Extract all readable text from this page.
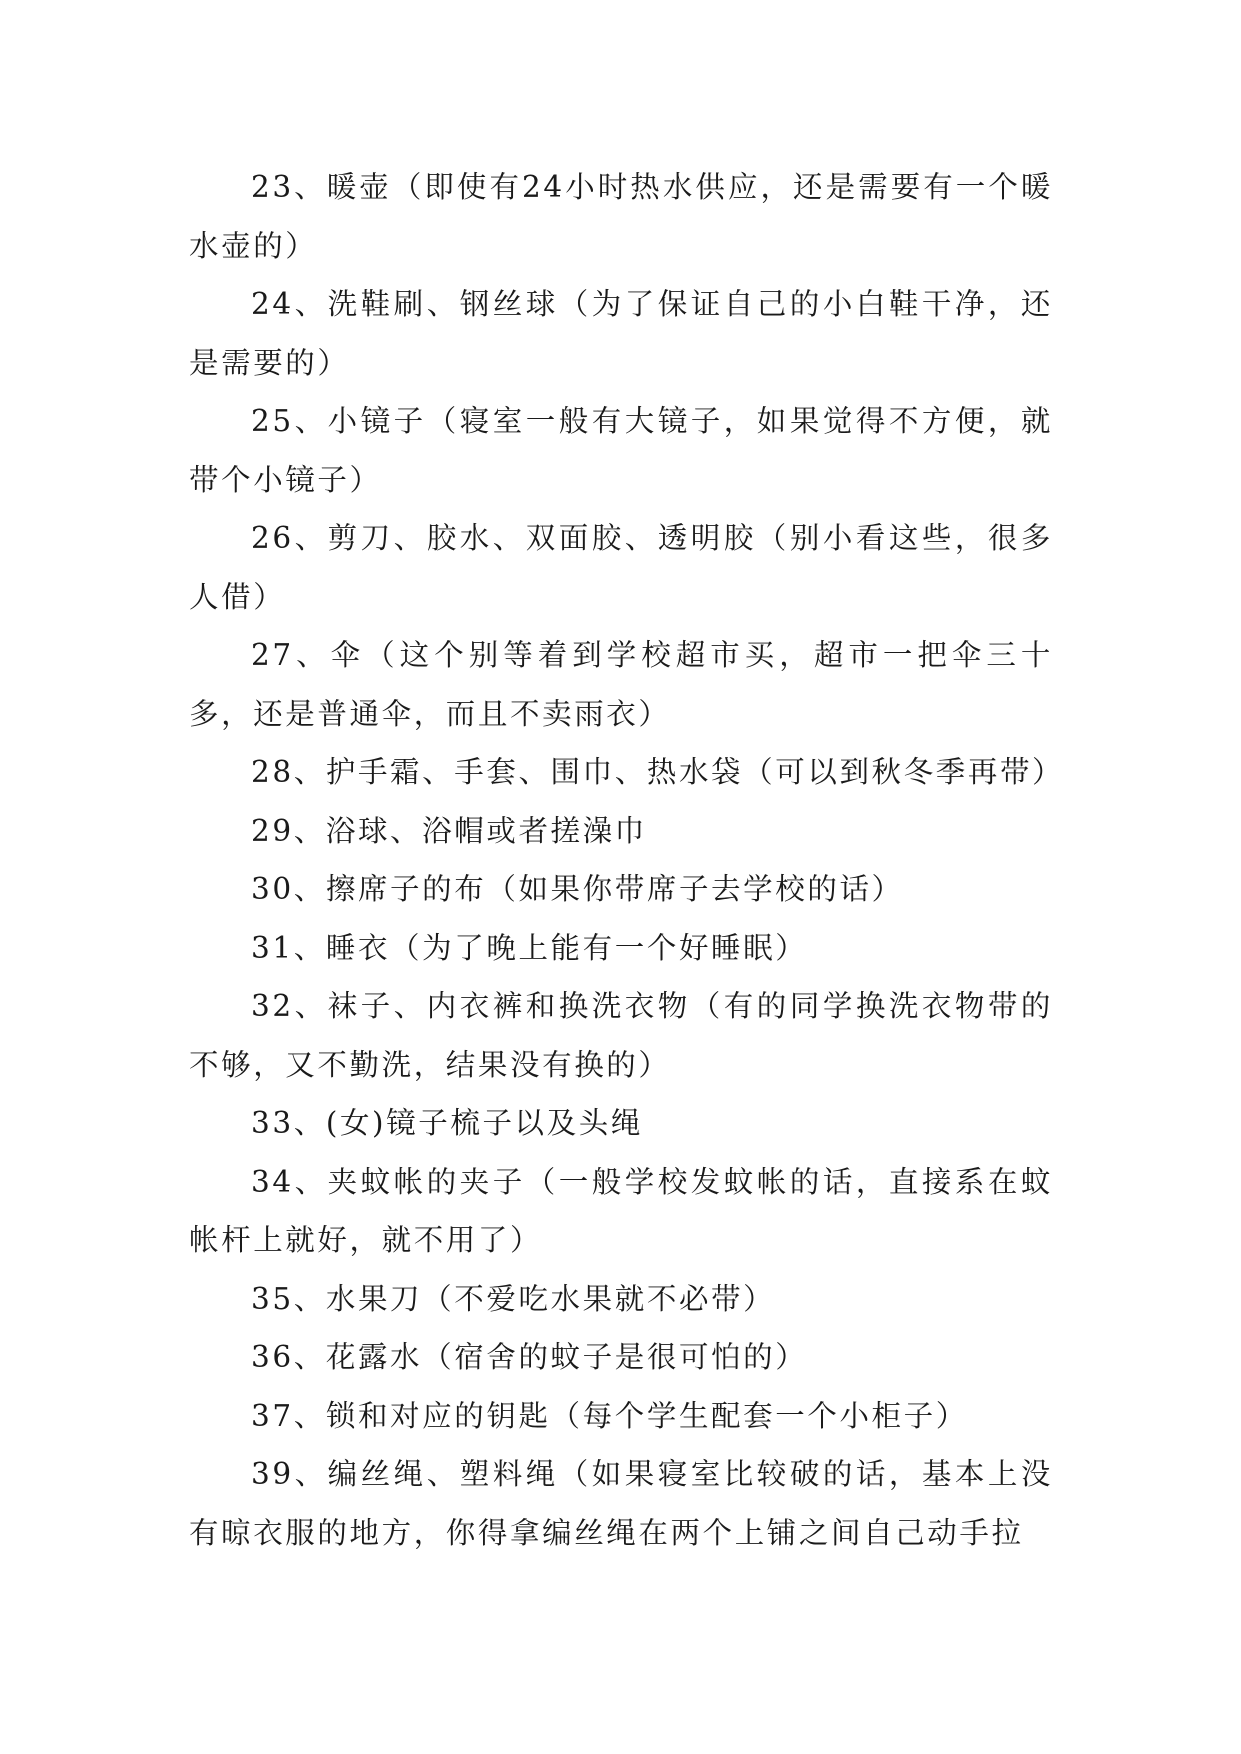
23、暖壶（即使有24小时热水供应，还是需要有一个暖水壶的）

24、洗鞋刷、钢丝球（为了保证自己的小白鞋干净，还是需要的）

25、小镜子（寝室一般有大镜子，如果觉得不方便，就带个小镜子）

26、剪刀、胶水、双面胶、透明胶（别小看这些，很多人借）

27、伞（这个别等着到学校超市买，超市一把伞三十多，还是普通伞，而且不卖雨衣）

28、护手霜、手套、围巾、热水袋（可以到秋冬季再带）

29、浴球、浴帽或者搓澡巾

30、擦席子的布（如果你带席子去学校的话）

31、睡衣（为了晚上能有一个好睡眠）

32、袜子、内衣裤和换洗衣物（有的同学换洗衣物带的不够，又不勤洗，结果没有换的）

33、(女)镜子梳子以及头绳

34、夹蚊帐的夹子（一般学校发蚊帐的话，直接系在蚊帐杆上就好，就不用了）

35、水果刀（不爱吃水果就不必带）

36、花露水（宿舍的蚊子是很可怕的）

37、锁和对应的钥匙（每个学生配套一个小柜子）

39、编丝绳、塑料绳（如果寝室比较破的话，基本上没有晾衣服的地方，你得拿编丝绳在两个上铺之间自己动手拉
